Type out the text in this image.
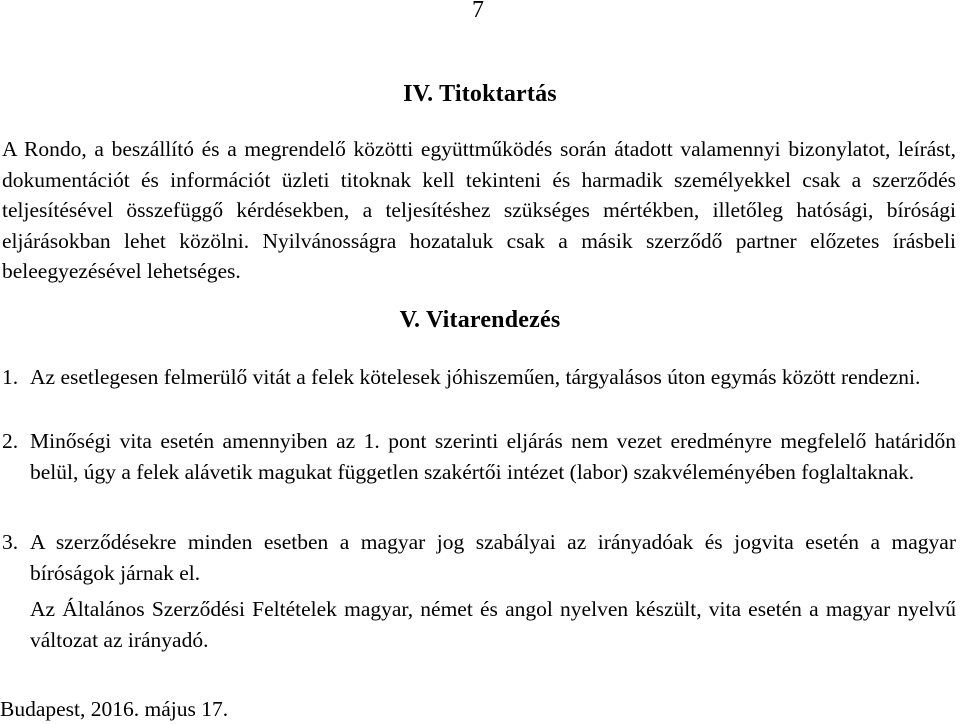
7
IV. Titoktartás
A Rondo, a beszállító és a megrendelő közötti együttműködés során átadott valamennyi bizonylatot, leírást, dokumentációt és információt üzleti titoknak kell tekinteni és harmadik személyekkel csak a szerződés teljesítésével összefüggő kérdésekben, a teljesítéshez szükséges mértékben, illetőleg hatósági, bírósági eljárásokban lehet közölni. Nyilvánosságra hozataluk csak a másik szerződő partner előzetes írásbeli beleegyezésével lehetséges.
V. Vitarendezés
1. Az esetlegesen felmerülő vitát a felek kötelesek jóhiszeműen, tárgyalásos úton egymás között rendezni.
2. Minőségi vita esetén amennyiben az 1. pont szerinti eljárás nem vezet eredményre megfelelő határidőn belül, úgy a felek alávetik magukat független szakértői intézet (labor) szakvéleményében foglaltaknak.
3. A szerződésekre minden esetben a magyar jog szabályai az irányadóak és jogvita esetén a magyar bíróságok járnak el.
Az Általános Szerződési Feltételek magyar, német és angol nyelven készült, vita esetén a magyar nyelvű változat az irányadó.
Budapest, 2016. május 17.
